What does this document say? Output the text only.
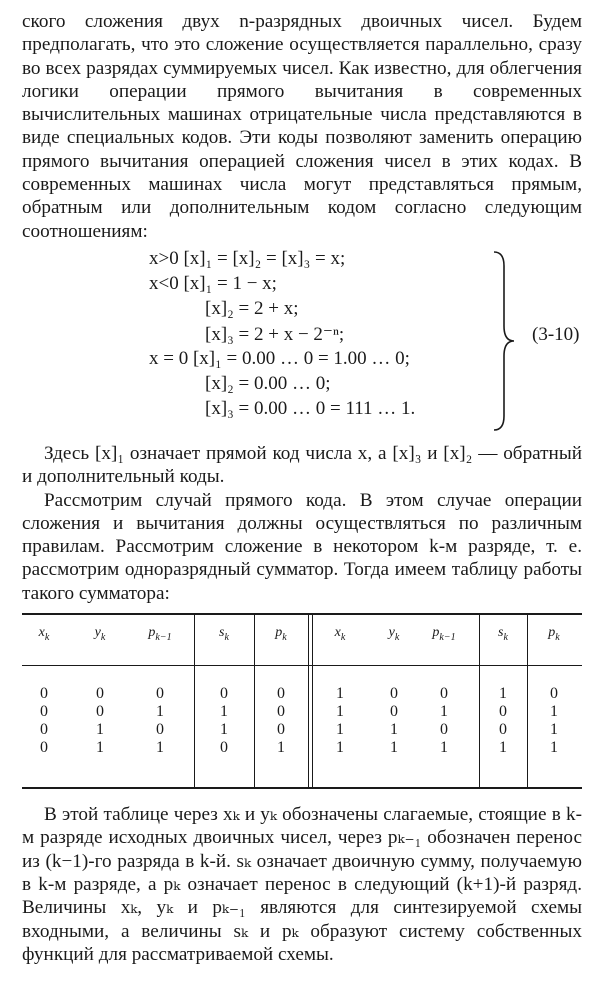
ского сложения двух n-разрядных двоичных чисел. Будем предполагать, что это сложение осуществляется параллельно, сразу во всех разрядах суммируемых чисел. Как известно, для облегчения логики операции прямого вычитания в современных вычислительных машинах отрицательные числа представляются в виде специальных кодов. Эти коды позволяют заменить операцию прямого вычитания операцией сложения чисел в этих кодах. В современных машинах числа могут представляться прямым, обратным или дополнительным кодом согласно следующим соотношениям:

x>0 [x]₁ = [x]₂ = [x]₃ = x;
x<0 [x]₁ = 1 − x;
[x]₂ = 2 + x;
[x]₃ = 2 + x − 2⁻ⁿ;
x = 0 [x]₁ = 0.00 … 0 = 1.00 … 0;
[x]₂ = 0.00 … 0;
[x]₃ = 0.00 … 0 = 111 … 1.
(3-10)

Здесь [x]₁ означает прямой код числа x, а [x]₃ и [x]₂ — обратный и дополнительный коды.

Рассмотрим случай прямого кода. В этом случае операции сложения и вычитания должны осуществляться по различным правилам. Рассмотрим сложение в некотором k-м разряде, т. е. рассмотрим одноразрядный сумматор. Тогда имеем таблицу работы такого сумматора:

$x_k$	$y_k$	$p_{k-1}$	$s_k$	$p_k$	$x_k$	$y_k$	$p_{k-1}$	$s_k$	$p_k$
0	0	0	0	0	1	0	0	1	0
0	0	1	1	0	1	0	1	0	1
0	1	0	1	0	1	1	0	0	1
0	1	1	0	1	1	1	1	1	1

В этой таблице через xₖ и yₖ обозначены слагаемые, стоящие в k-м разряде исходных двоичных чисел, через pₖ₋₁ обозначен перенос из (k−1)-го разряда в k-й. sₖ означает двоичную сумму, получаемую в k-м разряде, а pₖ означает перенос в следующий (k+1)-й разряд. Величины xₖ, yₖ и pₖ₋₁ являются для синтезируемой схемы входными, а величины sₖ и pₖ образуют систему собственных функций для рассматриваемой схемы.
